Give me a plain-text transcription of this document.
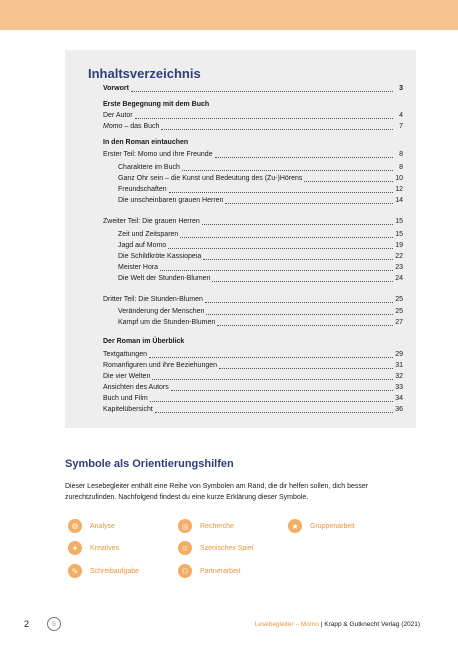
Inhaltsverzeichnis
Vorwort	3
Erste Begegnung mit dem Buch
Der Autor	4
Momo – das Buch	7
In den Roman eintauchen
Erster Teil: Momo und ihre Freunde	8
Charaktere im Buch	8
Ganz Ohr sein – die Kunst und Bedeutung des (Zu-)Hörens	10
Freundschaften	12
Die unscheinbaren grauen Herren	14
Zweiter Teil: Die grauen Herren	15
Zeit und Zeitsparen	15
Jagd auf Momo	19
Die Schildkröte Kassiopeia	22
Meister Hora	23
Die Welt der Stunden-Blumen	24
Dritter Teil: Die Stunden-Blumen	25
Veränderung der Menschen	25
Kampf um die Stunden-Blumen	27
Der Roman im Überblick
Textgattungen	29
Romanfiguren und ihre Beziehungen	31
Die vier Welten	32
Ansichten des Autors	33
Buch und Film	34
Kapitelübersicht	36
Symbole als Orientierungshilfen
Dieser Lesebegleiter enthält eine Reihe von Symbolen am Rand, die dir helfen sollen, dich besser zurechtzufinden. Nachfolgend findest du eine kurze Erklärung dieser Symbole.
⚙	Analyse	◎	Recherche	★	Gruppenarbeit
✦	Kreatives	☺	Szenisches Spiel
✎	Schreibaufgabe	⚇	Partnerarbeit
2	☉	Lesebegleiter – Momo | Krapp & Gutknecht Verlag (2021)
